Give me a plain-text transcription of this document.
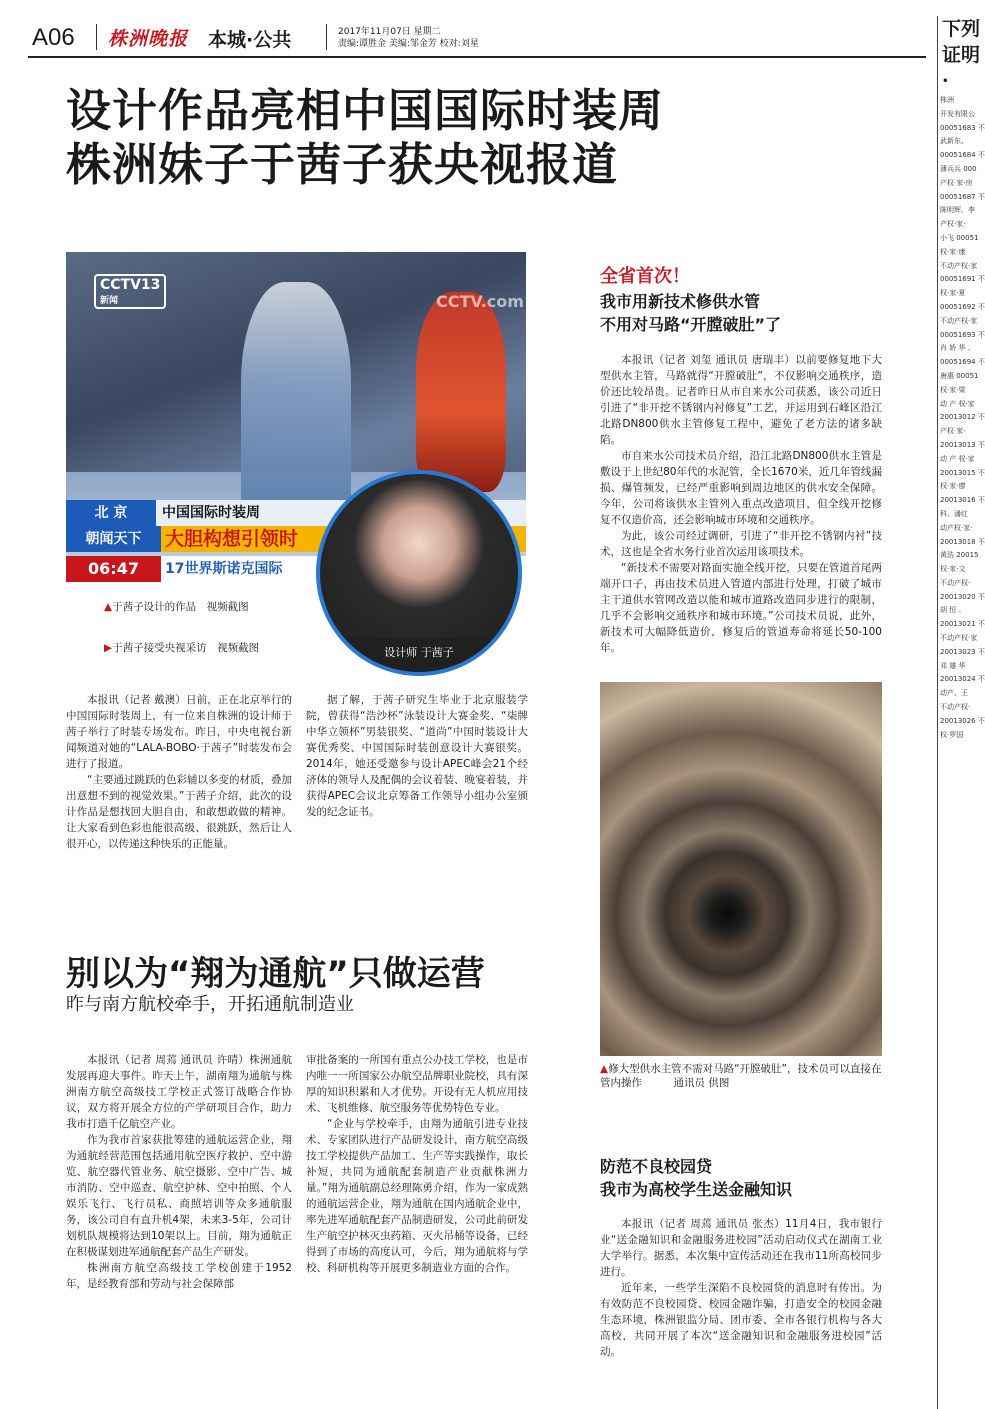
A06 株洲晚报	本城·公共	2017年11月07日 星期二
责编:谭胜金 美编:邹金芳 校对:刘星
设计作品亮相中国国际时装周
株洲妹子于茜子获央视报道
CCTV13
新闻	CCTV.com
北 京	中国国际时装周
朝闻天下	大胆构想引领时
06:47	17世界斯诺克国际
设计师 于茜子
▲于茜子设计的作品　视频截图
▶于茜子接受央视采访　视频截图
本报讯（记者 戴澳）日前，正在北京举行的中国国际时装周上，有一位来自株洲的设计师于茜子举行了时装专场发布。昨日，中央电视台新闻频道对她的“LALA-BOBO·于茜子”时装发布会进行了报道。
“主要通过跳跃的色彩辅以多变的材质，叠加出意想不到的视觉效果。”于茜子介绍，此次的设计作品是想找回大胆自由，和敢想敢做的精神。让大家看到色彩也能很高级、很跳跃，然后让人很开心，以传递这种快乐的正能量。
据了解，于茜子研究生毕业于北京服装学院，曾获得“浩沙杯”泳装设计大赛金奖、“柒牌中华立领杯”男装银奖、“道尚”中国时装设计大赛优秀奖、中国国际时装创意设计大赛银奖。2014年，她还受邀参与设计APEC峰会21个经济体的领导人及配偶的会议着装、晚宴着装，并获得APEC会议北京筹备工作领导小组办公室颁发的纪念证书。
别以为“翔为通航”只做运营
昨与南方航校牵手，开拓通航制造业
本报讯（记者 周蔫 通讯员 许晴）株洲通航发展再迎大事件。昨天上午，湖南翔为通航与株洲南方航空高级技工学校正式签订战略合作协议，双方将开展全方位的产学研项目合作，助力我市打造千亿航空产业。
作为我市首家获批筹建的通航运营企业，翔为通航经营范围包括通用航空医疗救护、空中游览、航空器代管业务、航空摄影、空中广告、城市消防、空中巡查、航空护林、空中拍照、个人娱乐飞行、飞行员私、商照培训等众多通航服务，该公司自有直升机4架，未来3-5年，公司计划机队规模将达到10架以上。目前，翔为通航正在积极谋划进军通航配套产品生产研发。
株洲南方航空高级技工学校创建于1952年，是经教育部和劳动与社会保障部
审批备案的一所国有重点公办技工学校，也是市内唯一一所国家公办航空品牌职业院校，具有深厚的知识积累和人才优势。开设有无人机应用技术、飞机维修、航空服务等优势特色专业。
“企业与学校牵手，由翔为通航引进专业技术、专家团队进行产品研发设计，南方航空高级技工学校提供产品加工、生产等实践操作，取长补短，共同为通航配套制造产业贡献株洲力量。”翔为通航副总经理陈勇介绍，作为一家成熟的通航运营企业，翔为通航在国内通航企业中，率先进军通航配套产品制造研发，公司此前研发生产航空护林灭虫药箱、灭火吊桶等设备，已经得到了市场的高度认可，今后，翔为通航将与学校、科研机构等开展更多制造业方面的合作。
全省首次！
我市用新技术修供水管
不用对马路“开膛破肚”了
本报讯（记者 刘玺 通讯员 唐瑞丰）以前要修复地下大型供水主管，马路就得“开膛破肚”，不仅影响交通秩序，造价还比较昂贵。记者昨日从市自来水公司获悉，该公司近日引进了“非开挖不锈钢内衬修复”工艺，并运用到石峰区沿江北路DN800供水主管修复工程中，避免了老方法的诸多缺陷。
市自来水公司技术员介绍，沿江北路DN800供水主管是敷设于上世纪80年代的水泥管，全长1670米，近几年管线漏损、爆管频发，已经严重影响到周边地区的供水安全保障。今年，公司将该供水主管列入重点改造项目，但全线开挖修复不仅造价高，还会影响城市环境和交通秩序。
为此，该公司经过调研，引进了“非开挖不锈钢内衬”技术，这也是全省水务行业首次运用该项技术。
“新技术不需要对路面实施全线开挖，只要在管道首尾两端开口子，再由技术员进入管道内部进行处理，打破了城市主干道供水管网改造以能和城市道路改造同步进行的限制，几乎不会影响交通秩序和城市环境。”公司技术员说，此外，新技术可大幅降低造价，修复后的管道寿命将延长50-100年。
▲修大型供水主管不需对马路“开膛破肚”，技术员可以直接在管内操作　　　通讯员 供图
防范不良校园贷
我市为高校学生送金融知识
本报讯（记者 周蔫 通讯员 张杰）11月4日，我市银行业“送金融知识和金融服务进校园”活动启动仪式在湖南工业大学举行。据悉，本次集中宣传活动还在我市11所高校同步进行。
近年来，一些学生深陷不良校园贷的消息时有传出。为有效防范不良校园贷、校园金融诈骗，打造安全的校园金融生态环境，株洲银监分局、团市委、全市各银行机构与各大高校，共同开展了本次“送金融知识和金融服务进校园”活动。
下列
证明·
株洲
开发有限公
00051683 不
武新东、
00051684 不
薄兵兵 000
产权·家·房
00051687 不
陈明辉、李
产权·家·
小飞 00051
权·家·康
不动产权·家
00051691 不
权·家·夏
00051692 不
不动产权·家
00051693 不
肖 娇 华 、
00051694 不
唐惠 00051
权·家·梁
动 产 权·家
20013012 不
产权·家·
20013013 不
动 产 权·家
20013015 不
权·家·廖
20013016 不
科、潘红
动产权·家·
20013018 不
黄浩 20015
权·家·文
不动产权·
20013020 不
胡 恒 、
20013021 不
不动产权·家
20013023 不
邓 雄 华
20013024 不
动产、王
不动产权·
20013026 不
权·罗国
